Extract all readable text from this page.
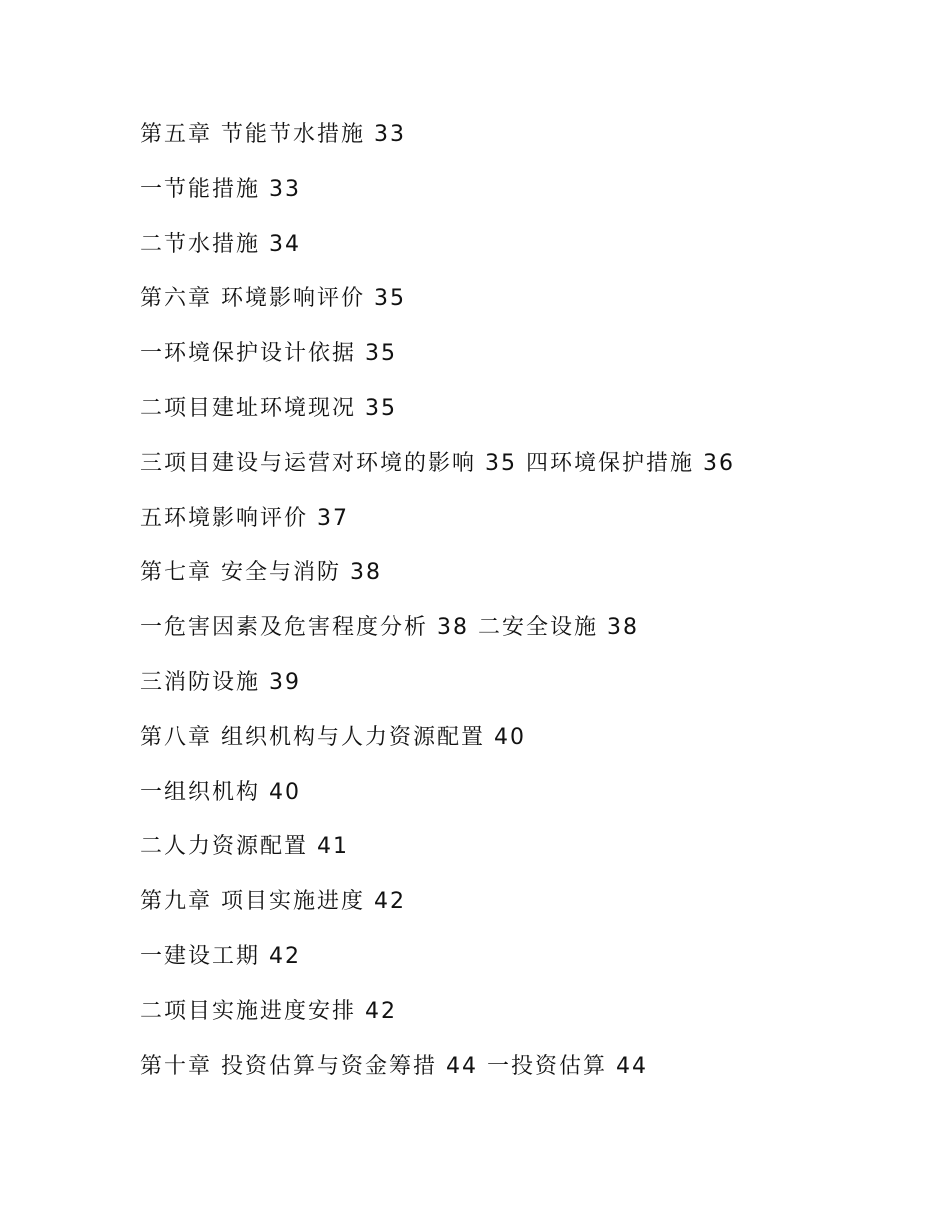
第五章 节能节水措施 33
一节能措施 33
二节水措施 34
第六章 环境影响评价 35
一环境保护设计依据 35
二项目建址环境现况 35
三项目建设与运营对环境的影响 35 四环境保护措施 36
五环境影响评价 37
第七章 安全与消防 38
一危害因素及危害程度分析 38 二安全设施 38
三消防设施 39
第八章 组织机构与人力资源配置 40
一组织机构 40
二人力资源配置 41
第九章 项目实施进度 42
一建设工期 42
二项目实施进度安排 42
第十章 投资估算与资金筹措 44 一投资估算 44
